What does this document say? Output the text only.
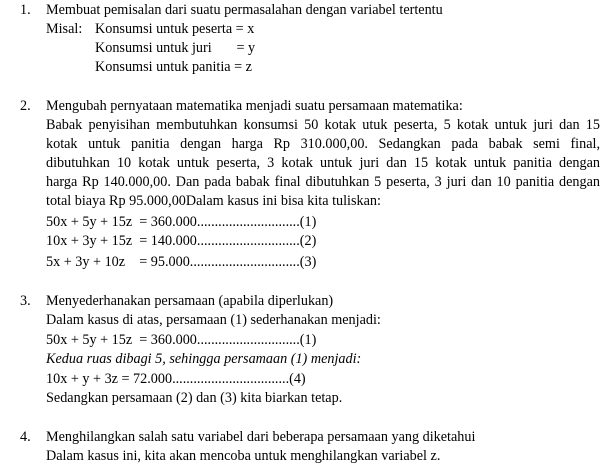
1. Membuat pemisalan dari suatu permasalahan dengan variabel tertentu
Misal: Konsumsi untuk peserta = x
Konsumsi untuk juri       = y
Konsumsi untuk panitia = z
2. Mengubah pernyataan matematika menjadi suatu persamaan matematika:
Babak penyisihan membutuhkan konsumsi 50 kotak utuk peserta, 5 kotak untuk juri dan 15
kotak untuk panitia dengan harga Rp 310.000,00. Sedangkan pada babak semi final,
dibutuhkan 10 kotak untuk peserta, 3 kotak untuk juri dan 15 kotak untuk panitia dengan
harga Rp 140.000,00. Dan pada babak final dibutuhkan 5 peserta, 3 juri dan 10 panitia dengan
total biaya Rp 95.000,00Dalam kasus ini bisa kita tuliskan:
50x + 5y + 15z  = 360.000.............................(1)
10x + 3y + 15z  = 140.000.............................(2)
5x + 3y + 10z    = 95.000...............................(3)
3. Menyederhanakan persamaan (apabila diperlukan)
Dalam kasus di atas, persamaan (1) sederhanakan menjadi:
50x + 5y + 15z  = 360.000.............................(1)
Kedua ruas dibagi 5, sehingga persamaan (1) menjadi:
10x + y + 3z = 72.000.................................(4)
Sedangkan persamaan (2) dan (3) kita biarkan tetap.
4. Menghilangkan salah satu variabel dari beberapa persamaan yang diketahui
Dalam kasus ini, kita akan mencoba untuk menghilangkan variabel z.
